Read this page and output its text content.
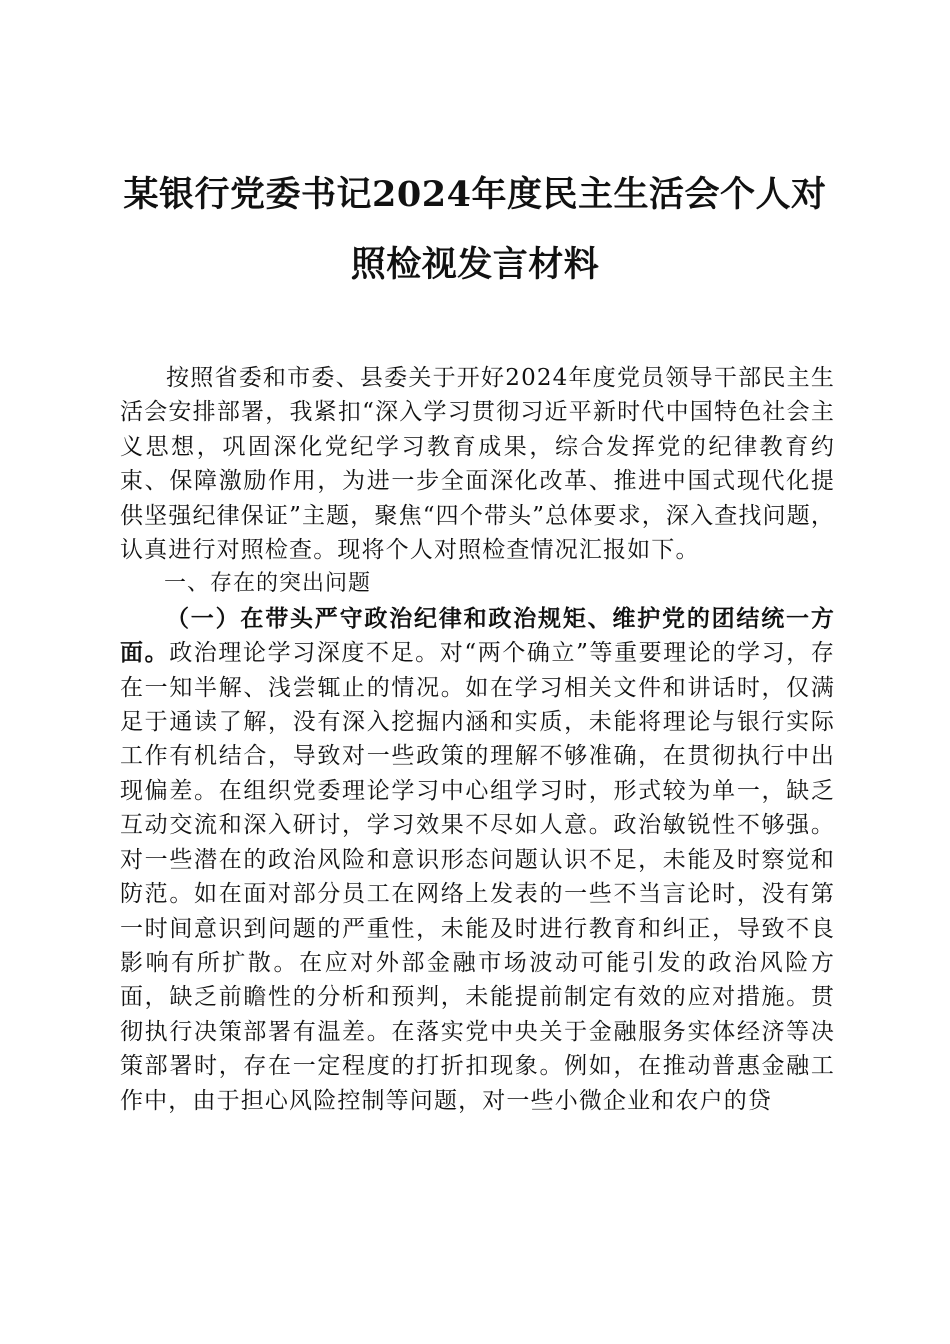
某银行党委书记2024年度民主生活会个人对
照检视发言材料

按照省委和市委、县委关于开好2024年度党员领导干部民主生活会安排部署，我紧扣“深入学习贯彻习近平新时代中国特色社会主义思想，巩固深化党纪学习教育成果，综合发挥党的纪律教育约束、保障激励作用，为进一步全面深化改革、推进中国式现代化提供坚强纪律保证”主题，聚焦“四个带头”总体要求，深入查找问题，认真进行对照检查。现将个人对照检查情况汇报如下。

一、存在的突出问题

（一）在带头严守政治纪律和政治规矩、维护党的团结统一方面。政治理论学习深度不足。对“两个确立”等重要理论的学习，存在一知半解、浅尝辄止的情况。如在学习相关文件和讲话时，仅满足于通读了解，没有深入挖掘内涵和实质，未能将理论与银行实际工作有机结合，导致对一些政策的理解不够准确，在贯彻执行中出现偏差。在组织党委理论学习中心组学习时，形式较为单一，缺乏互动交流和深入研讨，学习效果不尽如人意。政治敏锐性不够强。对一些潜在的政治风险和意识形态问题认识不足，未能及时察觉和防范。如在面对部分员工在网络上发表的一些不当言论时，没有第一时间意识到问题的严重性，未能及时进行教育和纠正，导致不良影响有所扩散。在应对外部金融市场波动可能引发的政治风险方面，缺乏前瞻性的分析和预判，未能提前制定有效的应对措施。贯彻执行决策部署有温差。在落实党中央关于金融服务实体经济等决策部署时，存在一定程度的打折扣现象。例如，在推动普惠金融工作中，由于担心风险控制等问题，对一些小微企业和农户的贷
